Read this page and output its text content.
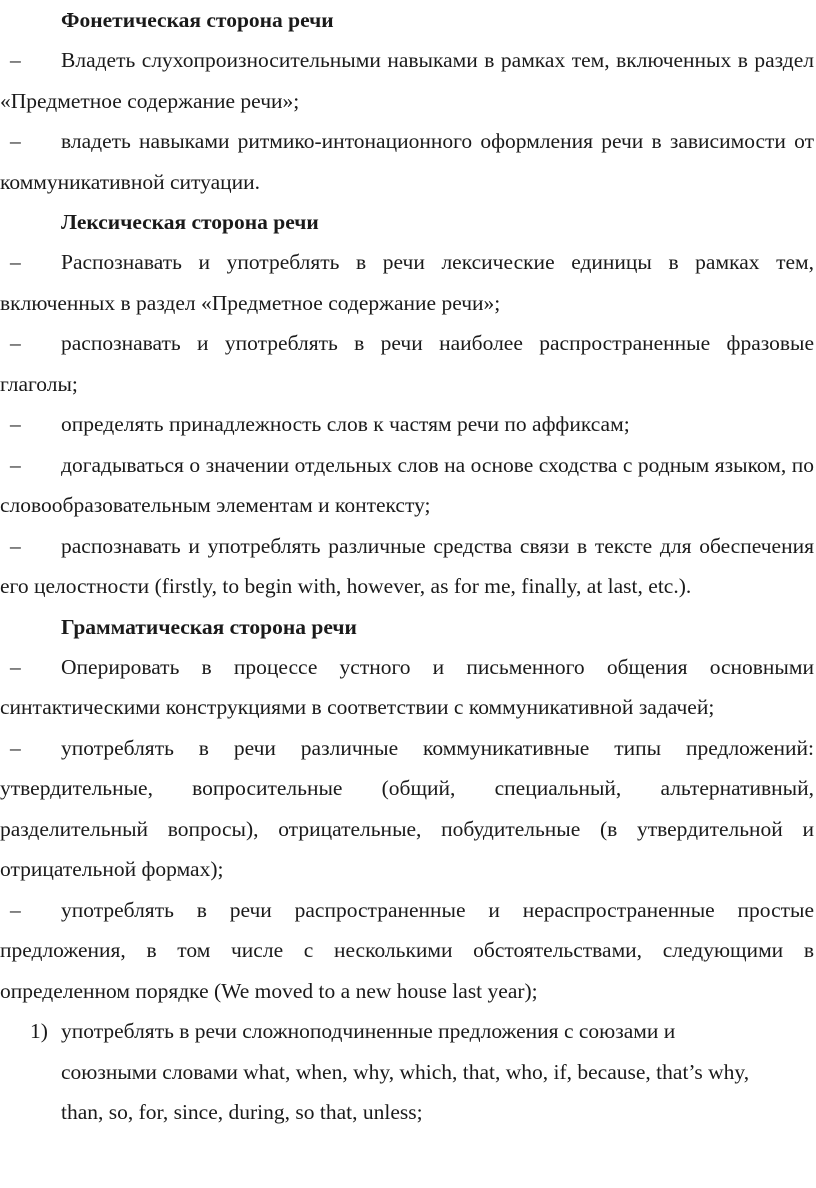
Фонетическая сторона речи

– Владеть слухопроизносительными навыками в рамках тем, включенных в раздел «Предметное содержание речи»;

– владеть навыками ритмико-интонационного оформления речи в зависимости от коммуникативной ситуации.

Лексическая сторона речи

– Распознавать и употреблять в речи лексические единицы в рамках тем, включенных в раздел «Предметное содержание речи»;

– распознавать и употреблять в речи наиболее распространенные фразовые глаголы;

– определять принадлежность слов к частям речи по аффиксам;

– догадываться о значении отдельных слов на основе сходства с родным языком, по словообразовательным элементам и контексту;

– распознавать и употреблять различные средства связи в тексте для обеспечения его целостности (firstly, to begin with, however, as for me, finally, at last, etc.).

Грамматическая сторона речи

– Оперировать в процессе устного и письменного общения основными синтактическими конструкциями в соответствии с коммуникативной задачей;

– употреблять в речи различные коммуникативные типы предложений: утвердительные, вопросительные (общий, специальный, альтернативный, разделительный вопросы), отрицательные, побудительные (в утвердительной и отрицательной формах);

– употреблять в речи распространенные и нераспространенные простые предложения, в том числе с несколькими обстоятельствами, следующими в определенном порядке (We moved to a new house last year);

1) употреблять в речи сложноподчиненные предложения с союзами и союзными словами what, when, why, which, that, who, if, because, that’s why, than, so, for, since, during, so that, unless;
